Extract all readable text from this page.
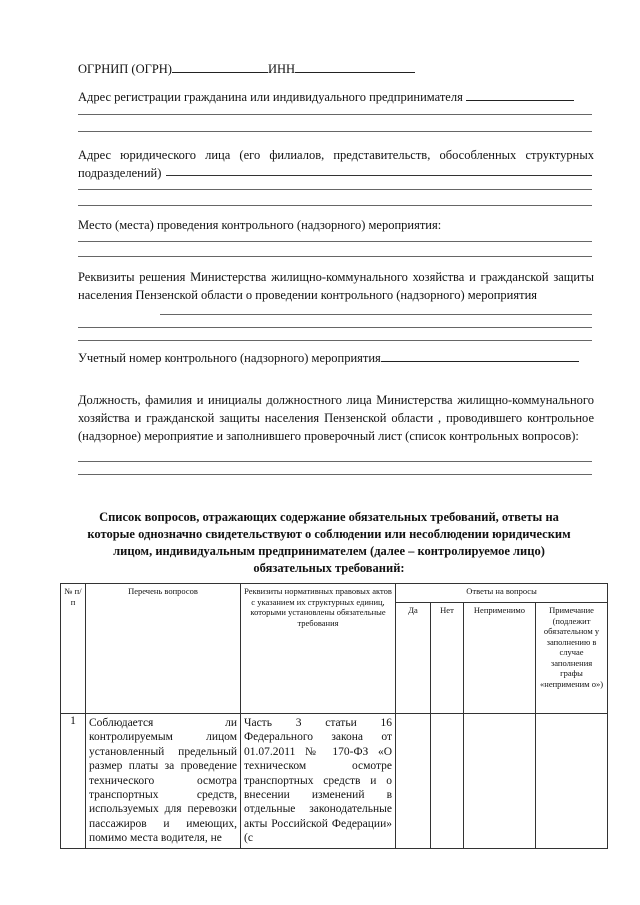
ОГРНИП (ОГРН)	ИНН
Адрес регистрации гражданина или индивидуального предпринимателя
Адрес юридического лица (его филиалов, представительств, обособленных структурных подразделений)
Место (места) проведения контрольного (надзорного) мероприятия:
Реквизиты решения Министерства жилищно-коммунального хозяйства и гражданской защиты населения Пензенской области о проведении контрольного (надзорного) мероприятия
Учетный номер контрольного (надзорного) мероприятия
Должность, фамилия и инициалы должностного лица Министерства жилищно-коммунального хозяйства и гражданской защиты населения Пензенской области , проводившего контрольное (надзорное) мероприятие и заполнившего проверочный лист (список контрольных вопросов):
Список вопросов, отражающих содержание обязательных требований, ответы на которые однозначно свидетельствуют о соблюдении или несоблюдении юридическим лицом, индивидуальным предпринимателем (далее – контролируемое лицо) обязательных требований:
№ п/п	Перечень вопросов	Реквизиты нормативных правовых актов с указанием их структурных единиц, которыми установлены обязательные требования	Ответы на вопросы			
			Да	Нет	Неприменимо	Примечание (подлежит обязательном у заполнению в случае заполнения графы «неприменим о»)
1	Соблюдается ли контролируемым лицом установленный предельный размер платы за проведение технического осмотра транспортных средств, используемых для перевозки пассажиров и имеющих, помимо места водителя, не	Часть 3 статьи 16 Федерального закона от 01.07.2011 № 170-ФЗ «О техническом осмотре транспортных средств и о внесении изменений в отдельные законодательные акты Российской Федерации» (с				
